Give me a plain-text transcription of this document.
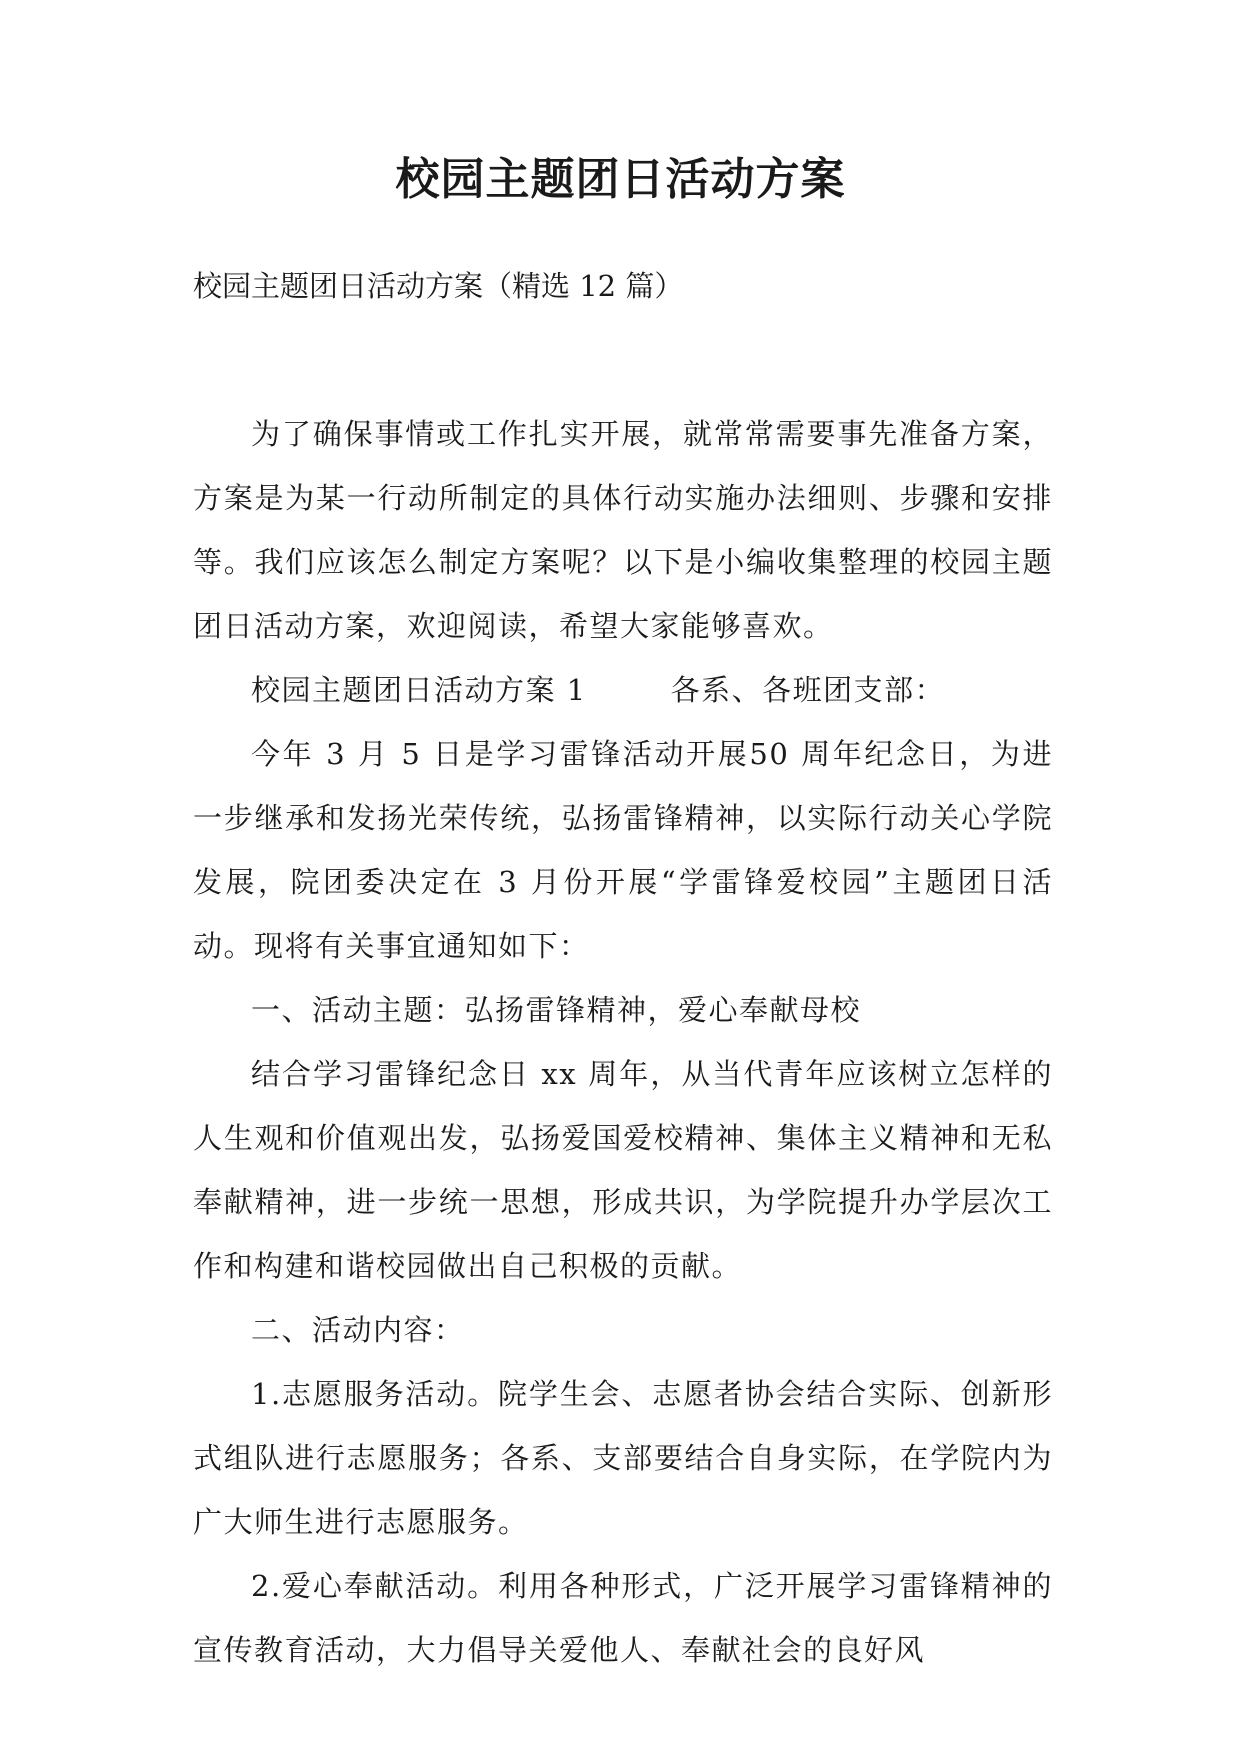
校园主题团日活动方案
校园主题团日活动方案（精选 12 篇）

为了确保事情或工作扎实开展，就常常需要事先准备方案，方案是为某一行动所制定的具体行动实施办法细则、步骤和安排等。我们应该怎么制定方案呢？以下是小编收集整理的校园主题团日活动方案，欢迎阅读，希望大家能够喜欢。

校园主题团日活动方案 1	各系、各班团支部：

今年 3 月 5 日是学习雷锋活动开展50 周年纪念日，为进一步继承和发扬光荣传统，弘扬雷锋精神，以实际行动关心学院发展，院团委决定在 3 月份开展“学雷锋爱校园”主题团日活动。现将有关事宜通知如下：

一、活动主题：弘扬雷锋精神，爱心奉献母校

结合学习雷锋纪念日 xx 周年，从当代青年应该树立怎样的人生观和价值观出发，弘扬爱国爱校精神、集体主义精神和无私奉献精神，进一步统一思想，形成共识，为学院提升办学层次工作和构建和谐校园做出自己积极的贡献。

二、活动内容：

1.志愿服务活动。院学生会、志愿者协会结合实际、创新形式组队进行志愿服务；各系、支部要结合自身实际，在学院内为广大师生进行志愿服务。

2.爱心奉献活动。利用各种形式，广泛开展学习雷锋精神的宣传教育活动，大力倡导关爱他人、奉献社会的良好风
